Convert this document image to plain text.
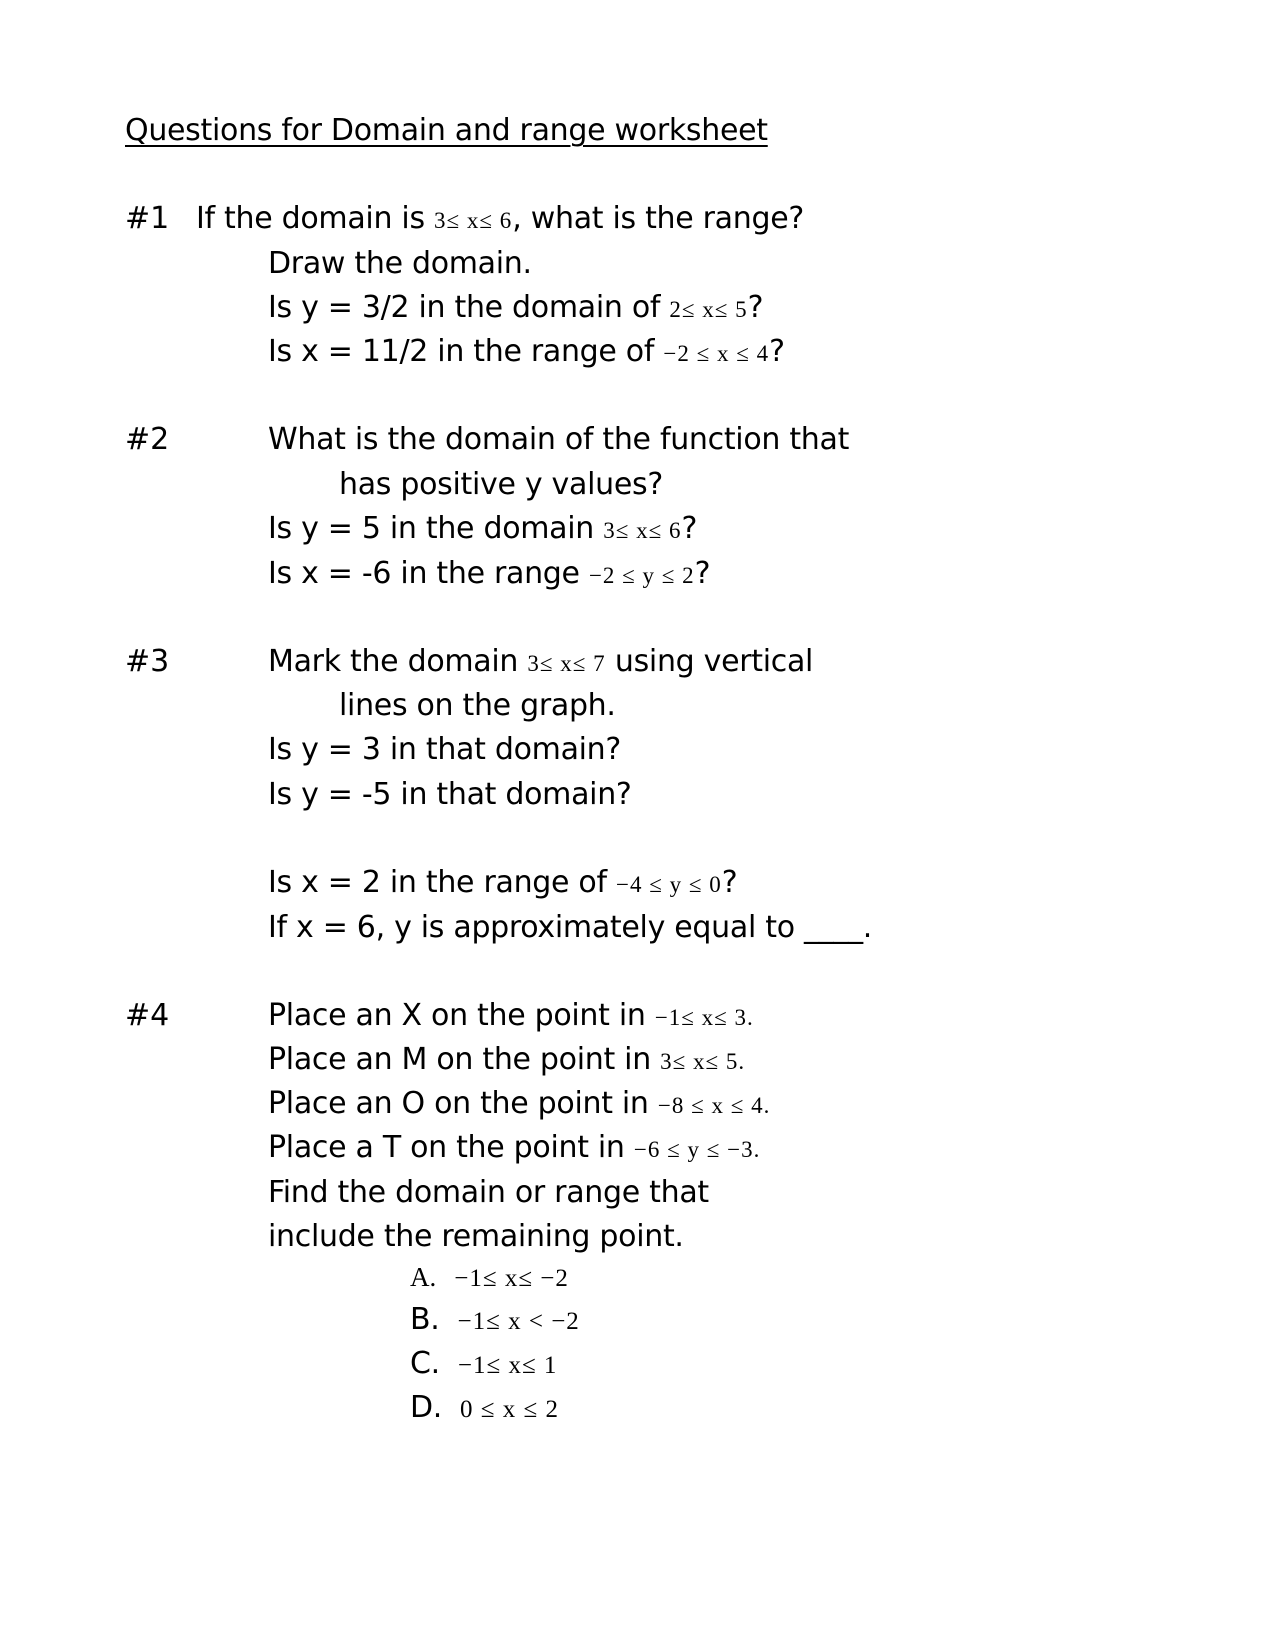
Questions for Domain and range worksheet
#1 If the domain is 3≤ x≤ 6, what is the range?
Draw the domain.
Is y = 3/2 in the domain of 2≤ x≤ 5?
Is x = 11/2 in the range of −2 ≤ x ≤ 4?
#2	What is the domain of the function that
has positive y values?
Is y = 5 in the domain 3≤ x≤ 6?
Is x = -6 in the range −2 ≤ y ≤ 2?
#3	Mark the domain 3≤ x≤ 7 using vertical
lines on the graph.
Is y = 3 in that domain?
Is y = -5 in that domain?
Is x = 2 in the range of −4 ≤ y ≤ 0?
If x = 6, y is approximately equal to ____.
#4	Place an X on the point in −1≤ x≤ 3.
Place an M on the point in 3≤ x≤ 5.
Place an O on the point in −8 ≤ x ≤ 4.
Place a T on the point in −6 ≤ y ≤ −3.
Find the domain or range that
include the remaining point.
A. −1≤ x≤ −2
B. −1≤ x < −2
C. −1≤ x≤ 1
D. 0 ≤ x ≤ 2
